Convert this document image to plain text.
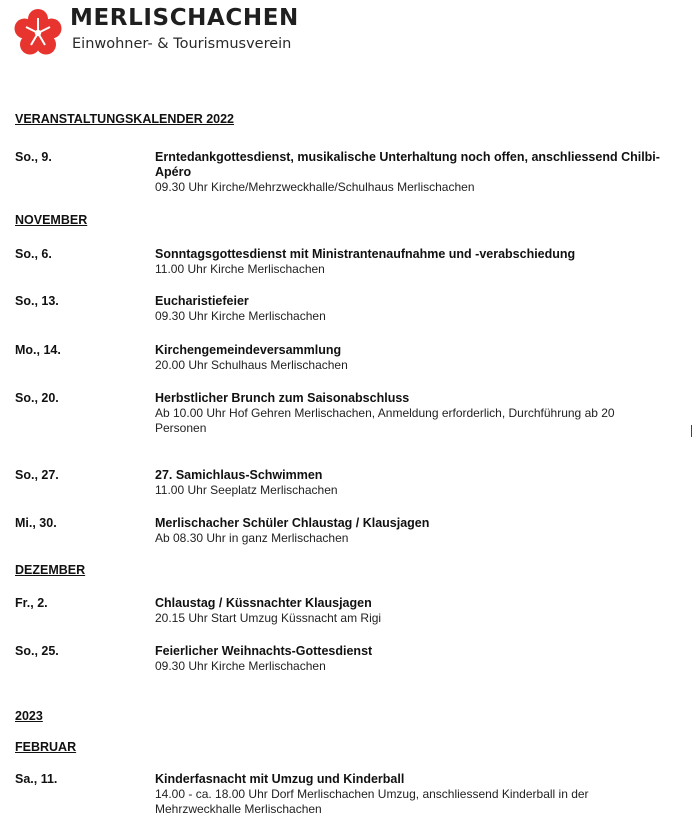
MERLISCHACHEN
Einwohner- & Tourismusverein
VERANSTALTUNGSKALENDER 2022
So., 9.	Erntedankgottesdienst, musikalische Unterhaltung noch offen, anschliessend Chilbi-Apéro
09.30 Uhr Kirche/Mehrzweckhalle/Schulhaus Merlischachen
NOVEMBER
So., 6.	Sonntagsgottesdienst mit Ministrantenaufnahme und -verabschiedung
11.00 Uhr Kirche Merlischachen
So., 13.	Eucharistiefeier
09.30 Uhr Kirche Merlischachen
Mo., 14.	Kirchengemeindeversammlung
20.00 Uhr Schulhaus Merlischachen
So., 20.	Herbstlicher Brunch zum Saisonabschluss
Ab 10.00 Uhr Hof Gehren Merlischachen, Anmeldung erforderlich, Durchführung ab 20 Personen
So., 27.	27. Samichlaus-Schwimmen
11.00 Uhr Seeplatz Merlischachen
Mi., 30.	Merlischacher Schüler Chlaustag / Klausjagen
Ab 08.30 Uhr in ganz Merlischachen
DEZEMBER
Fr., 2.	Chlaustag / Küssnachter Klausjagen
20.15 Uhr Start Umzug Küssnacht am Rigi
So., 25.	Feierlicher Weihnachts-Gottesdienst
09.30 Uhr Kirche Merlischachen
2023
FEBRUAR
Sa., 11.	Kinderfasnacht mit Umzug und Kinderball
14.00 - ca. 18.00 Uhr Dorf Merlischachen Umzug, anschliessend Kinderball in der Mehrzweckhalle Merlischachen
